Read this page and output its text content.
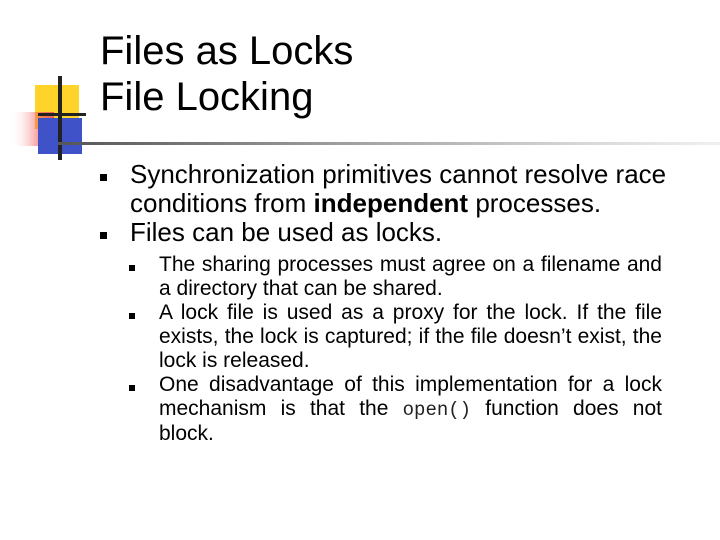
Files as Locks
File Locking

Synchronization primitives cannot resolve race conditions from independent processes.

Files can be used as locks.

The sharing processes must agree on a filename and a directory that can be shared.

A lock file is used as a proxy for the lock. If the file exists, the lock is captured; if the file doesn’t exist, the lock is released.

One disadvantage of this implementation for a lock mechanism is that the open() function does not block.
